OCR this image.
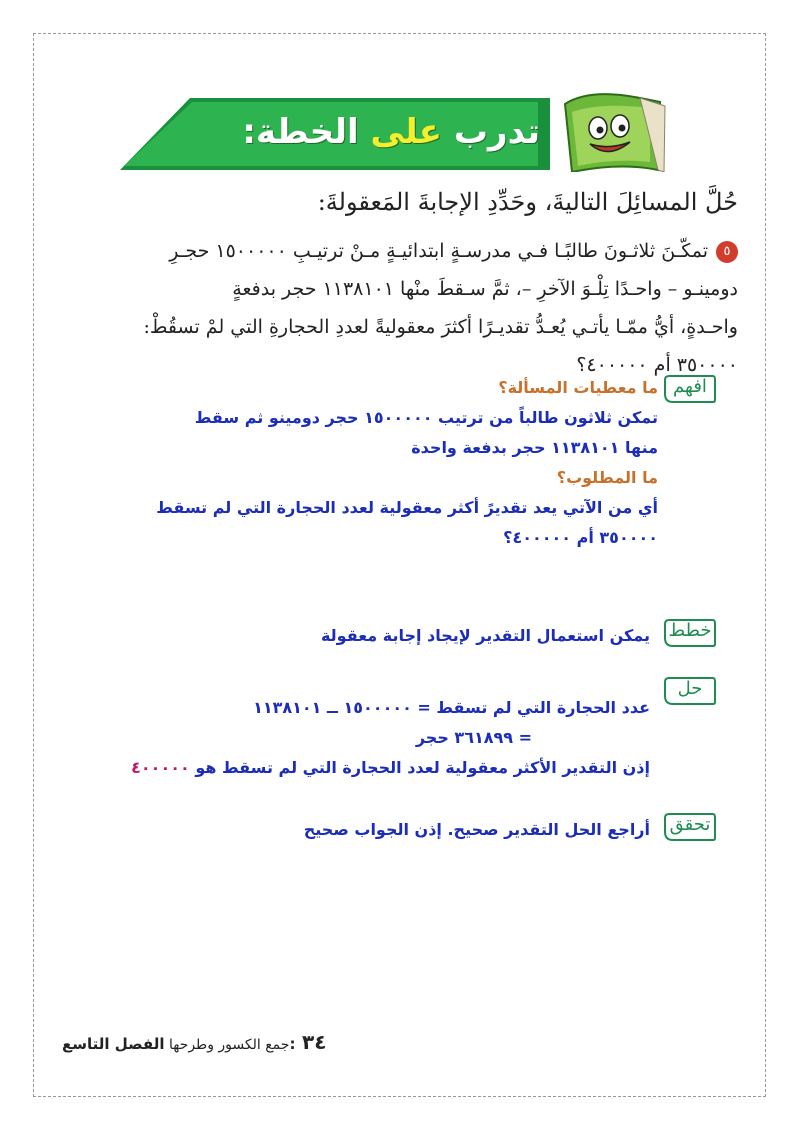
تدرب على الخطة:
حُلَّ المسائِلَ التاليةَ، وحَدِّدِ الإجابةَ المَعقولةَ:
٥تمكّـنَ ثلاثـونَ طالبًـا فـي مدرسـةٍ ابتدائيـةٍ مـنْ ترتيـبِ ١٥٠٠٠٠٠ حجـرِ
دومينـو – واحـدًا تِلْـوَ الآخرِ –، ثمَّ سـقطَ منْها ١١٣٨١٠١ حجر بدفعةٍ
واحـدةٍ، أيُّ ممّـا يأتـي يُعـدُّ تقديـرًا أكثرَ معقوليةً لعددِ الحجارةِ التي لمْ تسقُطْ:
٣٥٠٠٠٠ أم ٤٠٠٠٠٠؟
افهم
ما معطيات المسألة؟
تمكن ثلاثون طالباً من ترتيب ١٥٠٠٠٠٠ حجر دومينو ثم سقط
منها ١١٣٨١٠١ حجر بدفعة واحدة
ما المطلوب؟
أي من الآتي يعد تقديرً أكثر معقولية لعدد الحجارة التي لم تسقط
٣٥٠٠٠٠ أم ٤٠٠٠٠٠؟
خطط
يمكن استعمال التقدير لإيجاد إجابة معقولة
حل
عدد الحجارة التي لم تسقط = ١٥٠٠٠٠٠ ــ ١١٣٨١٠١
= ٣٦١٨٩٩ حجر
إذن التقدير الأكثر معقولية لعدد الحجارة التي لم تسقط هو ٤٠٠٠٠٠
تحقق
أراجع الحل التقدير صحيح. إذن الجواب صحيح
جمع الكسور وطرحها الفصل التاسع: ٣٤
